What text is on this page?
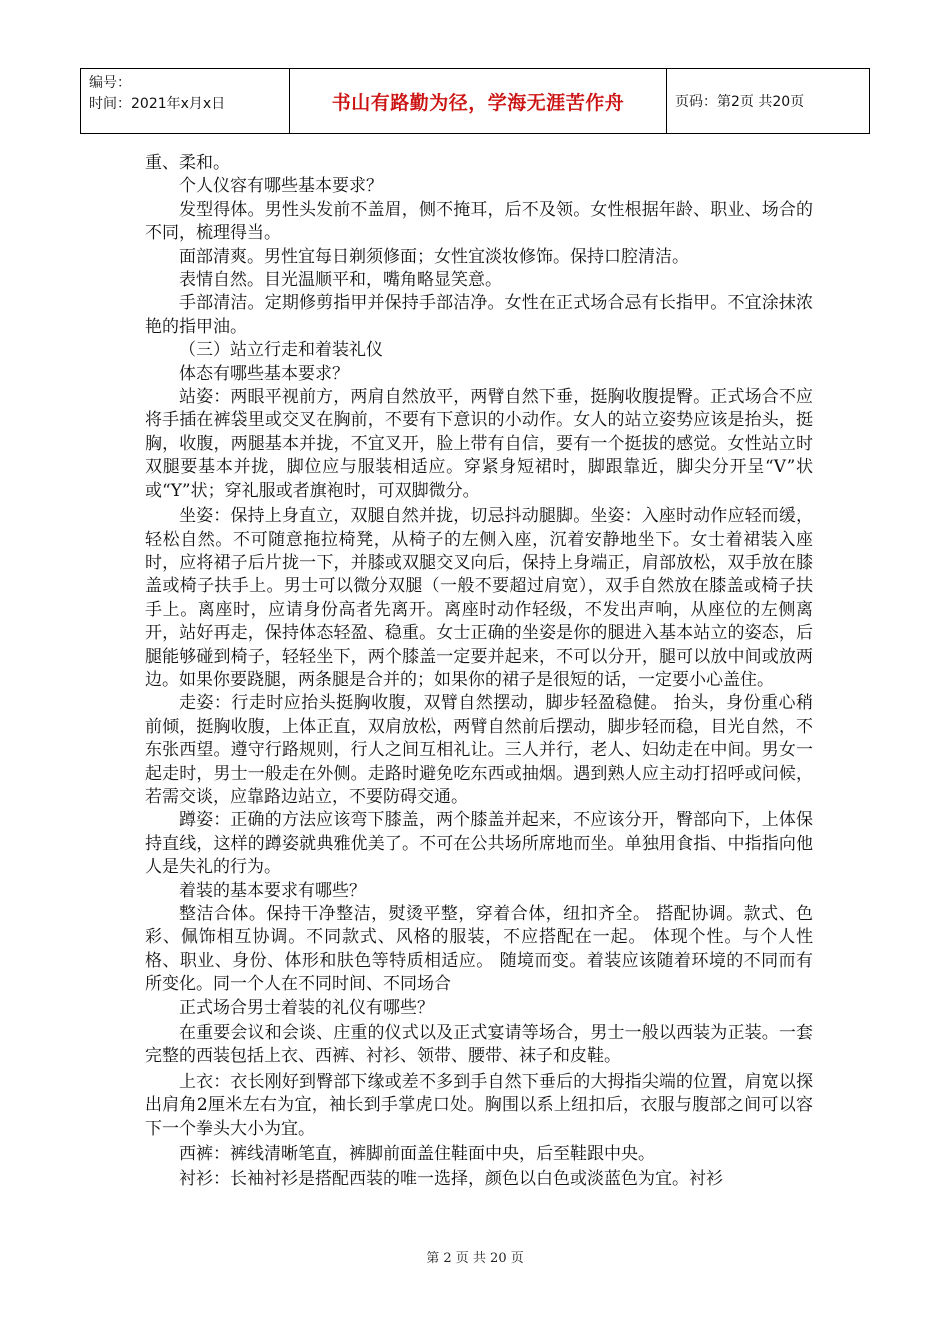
编号：
时间：2021年x月x日	书山有路勤为径，学海无涯苦作舟	页码：第2页 共20页

重、柔和。

个人仪容有哪些基本要求？

发型得体。男性头发前不盖眉，侧不掩耳，后不及领。女性根据年龄、职业、场合的不同，梳理得当。

面部清爽。男性宜每日剃须修面；女性宜淡妆修饰。保持口腔清洁。

表情自然。目光温顺平和，嘴角略显笑意。

手部清洁。定期修剪指甲并保持手部洁净。女性在正式场合忌有长指甲。不宜涂抹浓艳的指甲油。

（三）站立行走和着装礼仪

体态有哪些基本要求？

站姿：两眼平视前方，两肩自然放平，两臂自然下垂，挺胸收腹提臀。正式场合不应将手插在裤袋里或交叉在胸前，不要有下意识的小动作。女人的站立姿势应该是抬头，挺胸，收腹，两腿基本并拢，不宜叉开，脸上带有自信，要有一个挺拔的感觉。女性站立时双腿要基本并拢，脚位应与服装相适应。穿紧身短裙时，脚跟靠近，脚尖分开呈“V”状或“Y”状；穿礼服或者旗袍时，可双脚微分。

坐姿：保持上身直立，双腿自然并拢，切忌抖动腿脚。坐姿：入座时动作应轻而缓，轻松自然。不可随意拖拉椅凳，从椅子的左侧入座，沉着安静地坐下。女士着裙装入座时，应将裙子后片拢一下，并膝或双腿交叉向后，保持上身端正，肩部放松，双手放在膝盖或椅子扶手上。男士可以微分双腿（一般不要超过肩宽），双手自然放在膝盖或椅子扶手上。离座时，应请身份高者先离开。离座时动作轻级，不发出声响，从座位的左侧离开，站好再走，保持体态轻盈、稳重。女士正确的坐姿是你的腿进入基本站立的姿态，后腿能够碰到椅子，轻轻坐下，两个膝盖一定要并起来，不可以分开，腿可以放中间或放两边。如果你要跷腿，两条腿是合并的；如果你的裙子是很短的话，一定要小心盖住。

走姿：行走时应抬头挺胸收腹，双臂自然摆动，脚步轻盈稳健。 抬头，身份重心稍前倾，挺胸收腹，上体正直，双肩放松，两臂自然前后摆动，脚步轻而稳，目光自然，不东张西望。遵守行路规则，行人之间互相礼让。三人并行，老人、妇幼走在中间。男女一起走时，男士一般走在外侧。走路时避免吃东西或抽烟。遇到熟人应主动打招呼或问候，若需交谈，应靠路边站立，不要防碍交通。

蹲姿：正确的方法应该弯下膝盖，两个膝盖并起来，不应该分开，臀部向下，上体保持直线，这样的蹲姿就典雅优美了。不可在公共场所席地而坐。单独用食指、中指指向他人是失礼的行为。

着装的基本要求有哪些？

整洁合体。保持干净整洁，熨烫平整，穿着合体，纽扣齐全。 搭配协调。款式、色彩、佩饰相互协调。不同款式、风格的服装，不应搭配在一起。 体现个性。与个人性格、职业、身份、体形和肤色等特质相适应。 随境而变。着装应该随着环境的不同而有所变化。同一个人在不同时间、不同场合

正式场合男士着装的礼仪有哪些？

在重要会议和会谈、庄重的仪式以及正式宴请等场合，男士一般以西装为正装。一套完整的西装包括上衣、西裤、衬衫、领带、腰带、袜子和皮鞋。

上衣：衣长刚好到臀部下缘或差不多到手自然下垂后的大拇指尖端的位置，肩宽以探出肩角2厘米左右为宜，袖长到手掌虎口处。胸围以系上纽扣后，衣服与腹部之间可以容下一个拳头大小为宜。

西裤：裤线清晰笔直，裤脚前面盖住鞋面中央，后至鞋跟中央。

衬衫：长袖衬衫是搭配西装的唯一选择，颜色以白色或淡蓝色为宜。衬衫

第 2 页 共 20 页
